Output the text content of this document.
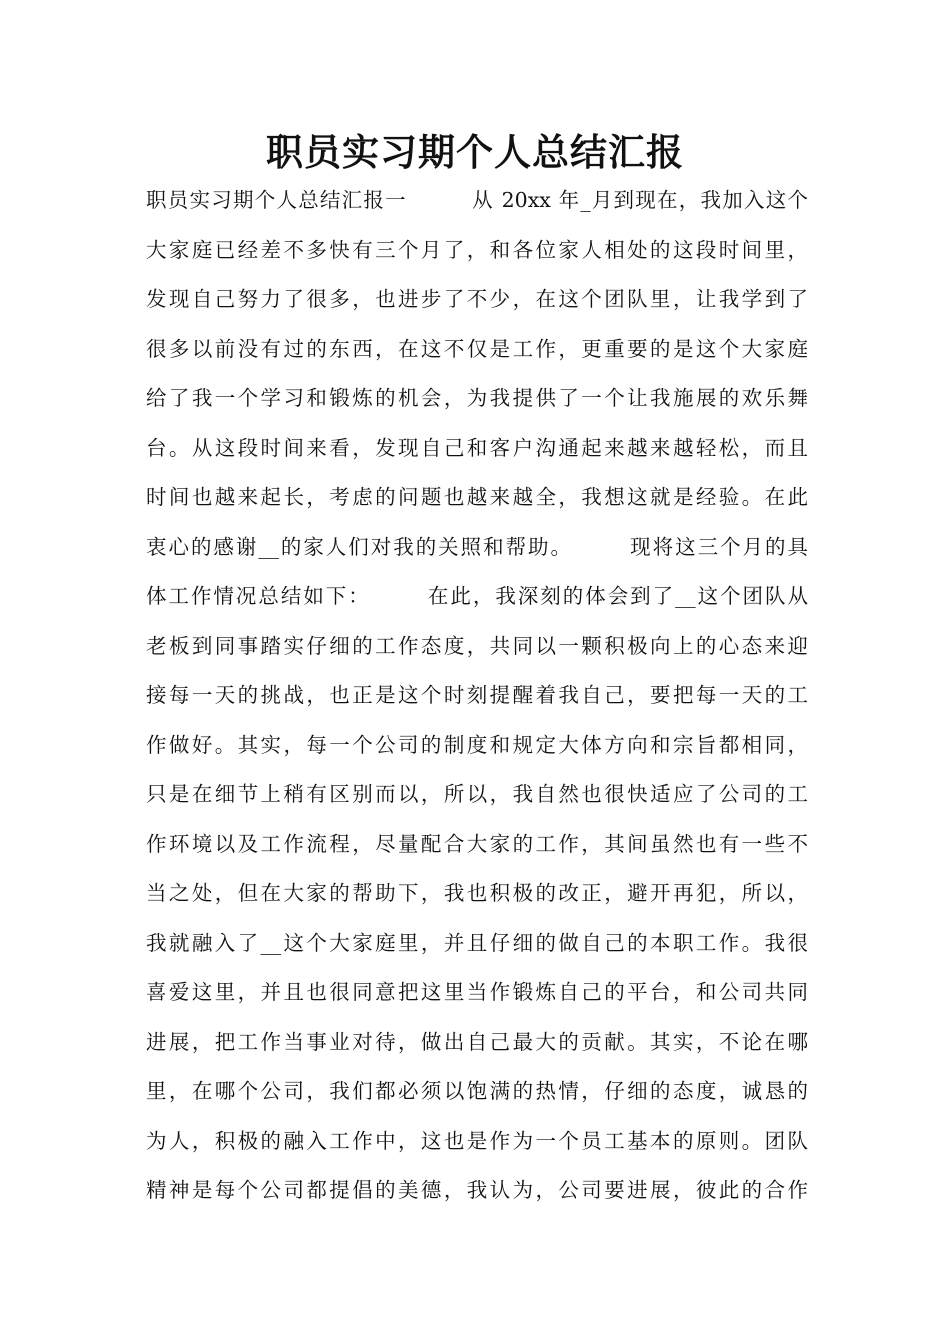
职员实习期个人总结汇报
职员实习期个人总结汇报一　　　从 20xx 年_月到现在，我加入这个
大家庭已经差不多快有三个月了，和各位家人相处的这段时间里，
发现自己努力了很多，也进步了不少，在这个团队里，让我学到了
很多以前没有过的东西，在这不仅是工作，更重要的是这个大家庭
给了我一个学习和锻炼的机会，为我提供了一个让我施展的欢乐舞
台。从这段时间来看，发现自己和客户沟通起来越来越轻松，而且
时间也越来起长，考虑的问题也越来越全，我想这就是经验。在此
衷心的感谢__的家人们对我的关照和帮助。　　　现将这三个月的具
体工作情况总结如下：　　　在此，我深刻的体会到了__这个团队从
老板到同事踏实仔细的工作态度，共同以一颗积极向上的心态来迎
接每一天的挑战，也正是这个时刻提醒着我自己，要把每一天的工
作做好。其实，每一个公司的制度和规定大体方向和宗旨都相同，
只是在细节上稍有区别而以，所以，我自然也很快适应了公司的工
作环境以及工作流程，尽量配合大家的工作，其间虽然也有一些不
当之处，但在大家的帮助下，我也积极的改正，避开再犯，所以，
我就融入了__这个大家庭里，并且仔细的做自己的本职工作。我很
喜爱这里，并且也很同意把这里当作锻炼自己的平台，和公司共同
进展，把工作当事业对待，做出自己最大的贡献。其实，不论在哪
里，在哪个公司，我们都必须以饱满的热情，仔细的态度，诚恳的
为人，积极的融入工作中，这也是作为一个员工基本的原则。团队
精神是每个公司都提倡的美德，我认为，公司要进展，彼此的合作
